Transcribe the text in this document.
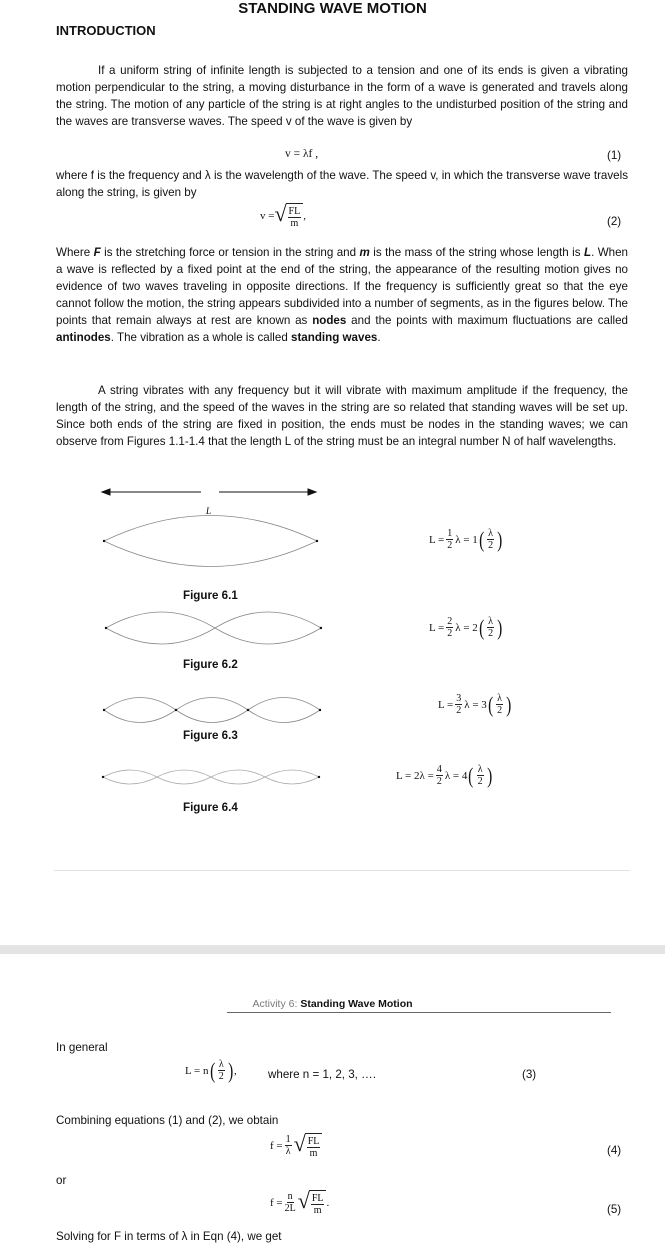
STANDING WAVE MOTION
INTRODUCTION
If a uniform string of infinite length is subjected to a tension and one of its ends is given a vibrating motion perpendicular to the string, a moving disturbance in the form of a wave is generated and travels along the string. The motion of any particle of the string is at right angles to the undisturbed position of the string and the waves are transverse waves. The speed v of the wave is given by
v = λf ,	(1)
where f is the frequency and λ is the wavelength of the wave. The speed v, in which the transverse wave travels along the string, is given by
v = √ $\frac{FL}{m}$ ,	(2)
Where F is the stretching force or tension in the string and m is the mass of the string whose length is L. When a wave is reflected by a fixed point at the end of the string, the appearance of the resulting motion gives no evidence of two waves traveling in opposite directions. If the frequency is sufficiently great so that the eye cannot follow the motion, the string appears subdivided into a number of segments, as in the figures below. The points that remain always at rest are known as nodes and the points with maximum fluctuations are called antinodes. The vibration as a whole is called standing waves.
A string vibrates with any frequency but it will vibrate with maximum amplitude if the frequency, the length of the string, and the speed of the waves in the string are so related that standing waves will be set up. Since both ends of the string are fixed in position, the ends must be nodes in the standing waves; we can observe from Figures 1.1-1.4 that the length L of the string must be an integral number N of half wavelengths.
L
Figure 6.1
Figure 6.2
Figure 6.3
Figure 6.4
$L = \frac{1}{2}$ λ = 1 ( $\frac{\lambda}{2}$ )
$L = \frac{2}{2}$ λ = 2 ( $\frac{\lambda}{2}$ )
$L = \frac{3}{2}$ λ = 3 ( $\frac{\lambda}{2}$ )
$L = 2\lambda = \frac{4}{2}$ λ = 4 ( $\frac{\lambda}{2}$ )
Activity 6: Standing Wave Motion
In general
L = n ( $\frac{\lambda}{2}$ ) ,	where n = 1, 2, 3, ….	(3)
Combining equations (1) and (2), we obtain
$f = \frac{1}{\lambda}$ √ $\frac{FL}{m}$	(4)
or
$f = \frac{n}{2L}$ √ $\frac{FL}{m}$ .	(5)
Solving for F in terms of λ in Eqn (4), we get
